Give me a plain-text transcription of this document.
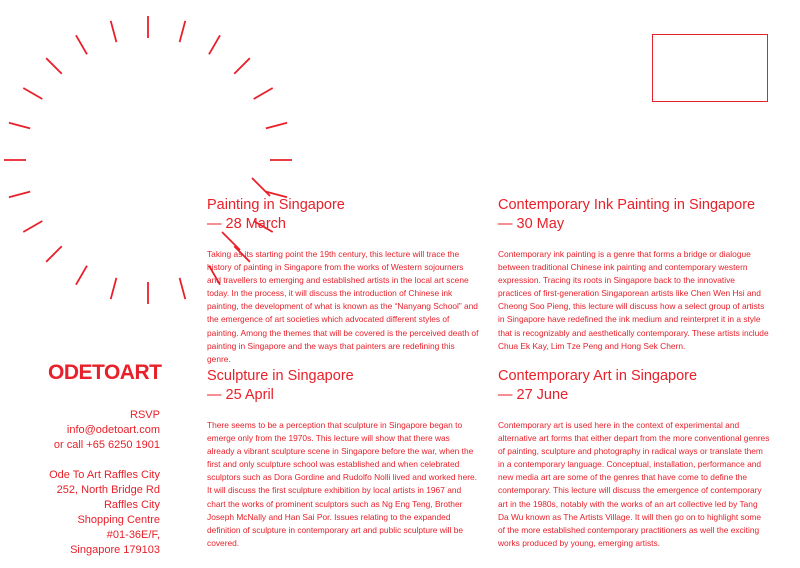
ODETOART
RSVP
info@odetoart.com
or call +65 6250 1901
Ode To Art Raffles City
252, North Bridge Rd
Raffles City
Shopping Centre
#01-36E/F,
Singapore 179103
Painting in Singapore
— 28 March
Taking as its starting point the 19th century, this lecture will trace the history of painting in Singapore from the works of Western sojourners and travellers to emerging and established artists in the local art scene today. In the process, it will discuss the introduction of Chinese ink painting, the development of what is known as the “Nanyang School” and the emergence of art societies which advocated different styles of painting. Among the themes that will be covered is the perceived death of painting in Singapore and the ways that painters are redefining this genre.
Contemporary Ink Painting in Singapore
— 30 May
Contemporary ink painting is a genre that forms a bridge or dialogue between traditional Chinese ink painting and contemporary western expression. Tracing its roots in Singapore back to the innovative practices of first-generation Singaporean artists like Chen Wen Hsi and Cheong Soo Pieng, this lecture will discuss how a select group of artists in Singapore have redefined the ink medium and reinterpret it in a style that is recognizably and aesthetically contemporary. These artists include Chua Ek Kay, Lim Tze Peng and Hong Sek Chern.
Sculpture in Singapore
— 25 April
There seems to be a perception that sculpture in Singapore began to emerge only from the 1970s. This lecture will show that there was already a vibrant sculpture scene in Singapore before the war, when the first and only sculpture school was established and when celebrated sculptors such as Dora Gordine and Rudolfo Nolli lived and worked here. It will discuss the first sculpture exhibition by local artists in 1967 and chart the works of prominent sculptors such as Ng Eng Teng, Brother Joseph McNally and Han Sai Por. Issues relating to the expanded definition of sculpture in contemporary art and public sculpture will be covered.
Contemporary Art in Singapore
— 27 June
Contemporary art is used here in the context of experimental and alternative art forms that either depart from the more conventional genres of painting, sculpture and photography in radical ways or translate them in a contemporary language. Conceptual, installation, performance and new media art are some of the genres that have come to define the contemporary. This lecture will discuss the emergence of contemporary art in the 1980s, notably with the works of an art collective led by Tang Da Wu known as The Artists Village. It will then go on to highlight some of the more established contemporary practitioners as well the exciting works produced by young, emerging artists.
